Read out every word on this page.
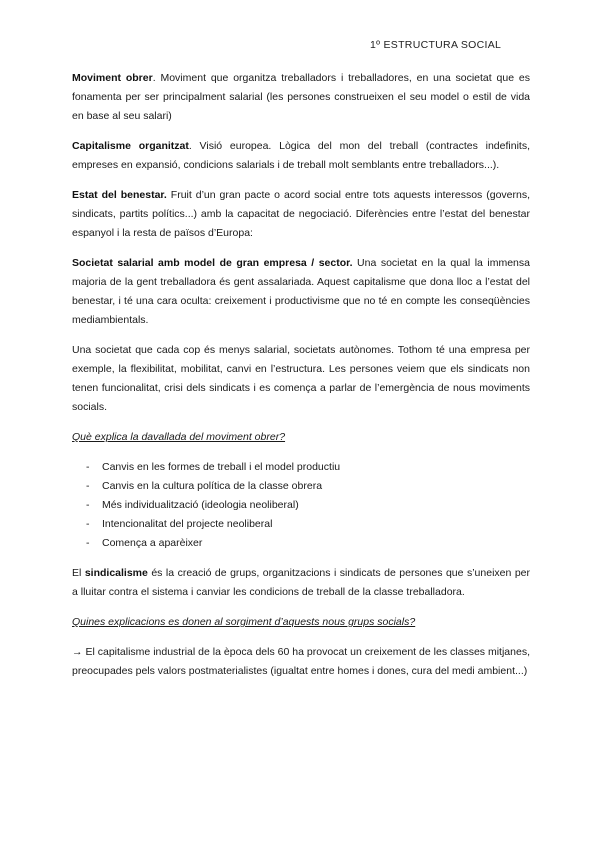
1º ESTRUCTURA SOCIAL

Moviment obrer. Moviment que organitza treballadors i treballadores, en una societat que es fonamenta per ser principalment salarial (les persones construeixen el seu model o estil de vida en base al seu salari)

Capitalisme organitzat. Visió europea. Lògica del mon del treball (contractes indefinits, empreses en expansió, condicions salarials i de treball molt semblants entre treballadors...).

Estat del benestar. Fruit d’un gran pacte o acord social entre tots aquests interessos (governs, sindicats, partits polítics...) amb la capacitat de negociació. Diferències entre l’estat del benestar espanyol i la resta de països d’Europa:

Societat salarial amb model de gran empresa / sector. Una societat en la qual la immensa majoria de la gent treballadora és gent assalariada. Aquest capitalisme que dona lloc a l’estat del benestar, i té una cara oculta: creixement i productivisme que no té en compte les conseqüències mediambientals.

Una societat que cada cop és menys salarial, societats autònomes. Tothom té una empresa per exemple, la flexibilitat, mobilitat, canvi en l’estructura. Les persones veiem que els sindicats non tenen funcionalitat, crisi dels sindicats i es comença a parlar de l’emergència de nous moviments socials.

Què explica la davallada del moviment obrer?

- Canvis en les formes de treball i el model productiu
- Canvis en la cultura política de la classe obrera
- Més individualització (ideologia neoliberal)
- Intencionalitat del projecte neoliberal
- Comença a aparèixer

El sindicalisme és la creació de grups, organitzacions i sindicats de persones que s’uneixen per a lluitar contra el sistema i canviar les condicions de treball de la classe treballadora.

Quines explicacions es donen al sorgiment d’aquests nous grups socials?

→ El capitalisme industrial de la època dels 60 ha provocat un creixement de les classes mitjanes, preocupades pels valors postmaterialistes (igualtat entre homes i dones, cura del medi ambient...)
